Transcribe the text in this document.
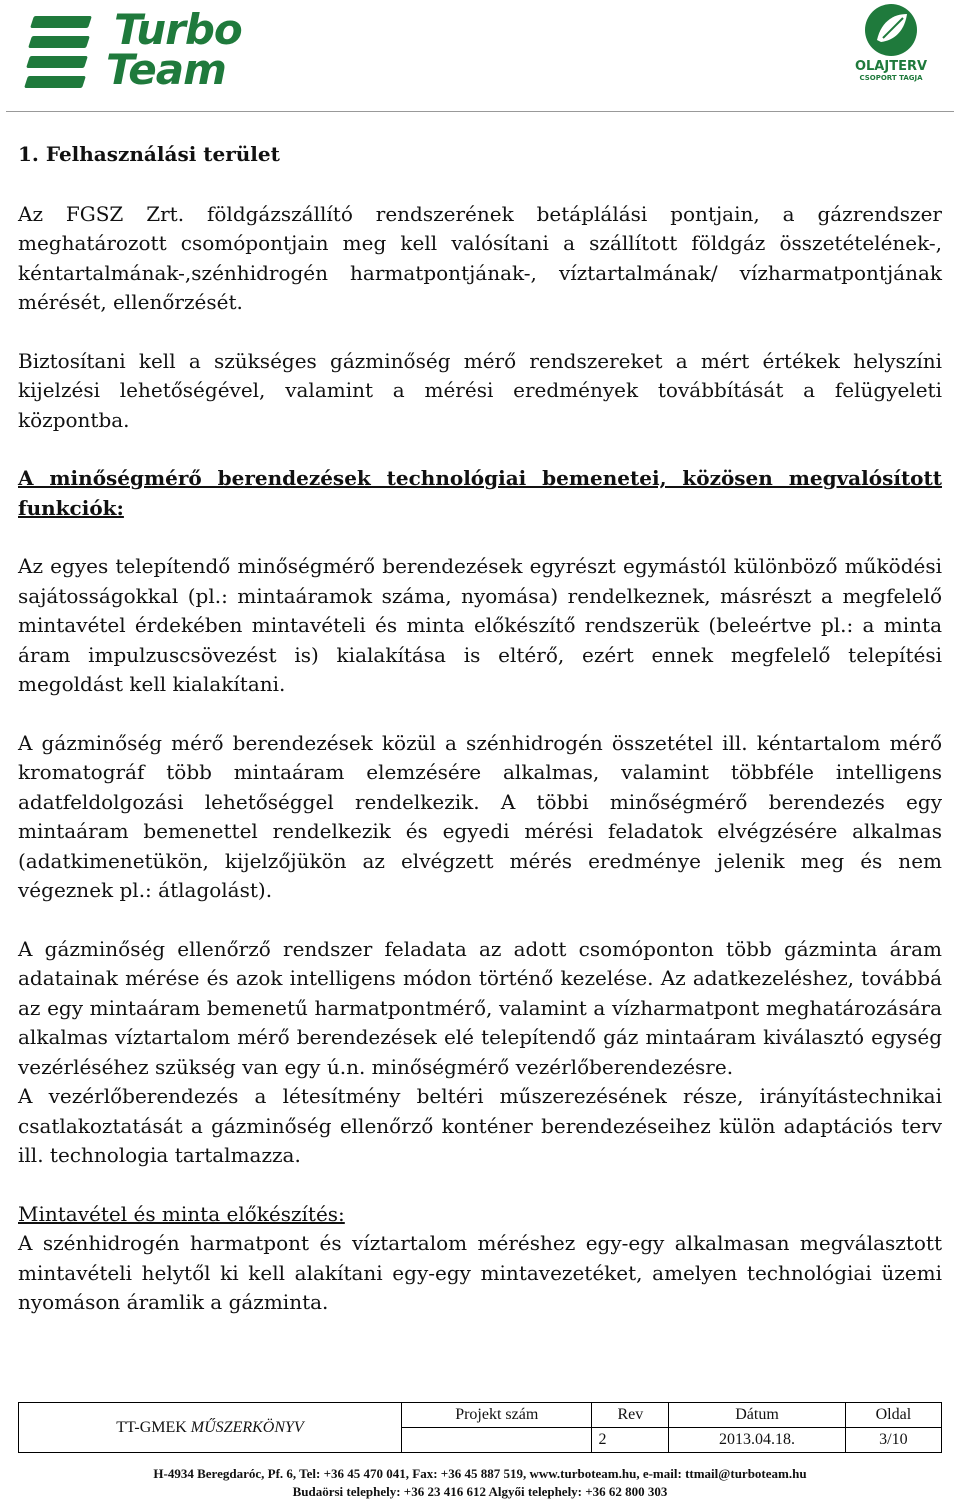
Turbo
Team	OLAJTERV
CSOPORT TAGJA
1. Felhasználási terület
Az FGSZ Zrt. földgázszállító rendszerének betáplálási pontjain, a gázrendszer meghatározott csomópontjain meg kell valósítani a szállított földgáz összetételének-, kéntartalmának-,szénhidrogén harmatpontjának-, víztartalmának/ vízharmatpontjának mérését, ellenőrzését.
Biztosítani kell a szükséges gázminőség mérő rendszereket a mért értékek helyszíni kijelzési lehetőségével, valamint a mérési eredmények továbbítását a felügyeleti központba.
A minőségmérő berendezések technológiai bemenetei, közösen megvalósított funkciók:
Az egyes telepítendő minőségmérő berendezések egyrészt egymástól különböző működési sajátosságokkal (pl.: mintaáramok száma, nyomása) rendelkeznek, másrészt a megfelelő mintavétel érdekében mintavételi és minta előkészítő rendszerük (beleértve pl.: a minta áram impulzuscsövezést is) kialakítása is eltérő, ezért ennek megfelelő telepítési megoldást kell kialakítani.
A gázminőség mérő berendezések közül a szénhidrogén összetétel ill. kéntartalom mérő kromatográf több mintaáram elemzésére alkalmas, valamint többféle intelligens adatfeldolgozási lehetőséggel rendelkezik. A többi minőségmérő berendezés egy mintaáram bemenettel rendelkezik és egyedi mérési feladatok elvégzésére alkalmas (adatkimenetükön, kijelzőjükön az elvégzett mérés eredménye jelenik meg és nem végeznek pl.: átlagolást).
A gázminőség ellenőrző rendszer feladata az adott csomóponton több gázminta áram adatainak mérése és azok intelligens módon történő kezelése. Az adatkezeléshez, továbbá az egy mintaáram bemenetű harmatpontmérő, valamint a vízharmatpont meghatározására alkalmas víztartalom mérő berendezések elé telepítendő gáz mintaáram kiválasztó egység vezérléséhez szükség van egy ú.n. minőségmérő vezérlőberendezésre.
A vezérlőberendezés a létesítmény beltéri műszerezésének része, irányítástechnikai csatlakoztatását a gázminőség ellenőrző konténer berendezéseihez külön adaptációs terv ill. technologia tartalmazza.
Mintavétel és minta előkészítés:
A szénhidrogén harmatpont és víztartalom méréshez egy-egy alkalmasan megválasztott mintavételi helytől ki kell alakítani egy-egy mintavezetéket, amelyen technológiai üzemi nyomáson áramlik a gázminta.
TT-GMEK MŰSZERKÖNYV	Projekt szám	Rev	Dátum	Oldal
		2	2013.04.18.	3/10
H-4934 Beregdaróc, Pf. 6, Tel: +36 45 470 041, Fax: +36 45 887 519, www.turboteam.hu, e-mail: ttmail@turboteam.hu
Budaörsi telephely: +36 23 416 612 Algyői telephely: +36 62 800 303
